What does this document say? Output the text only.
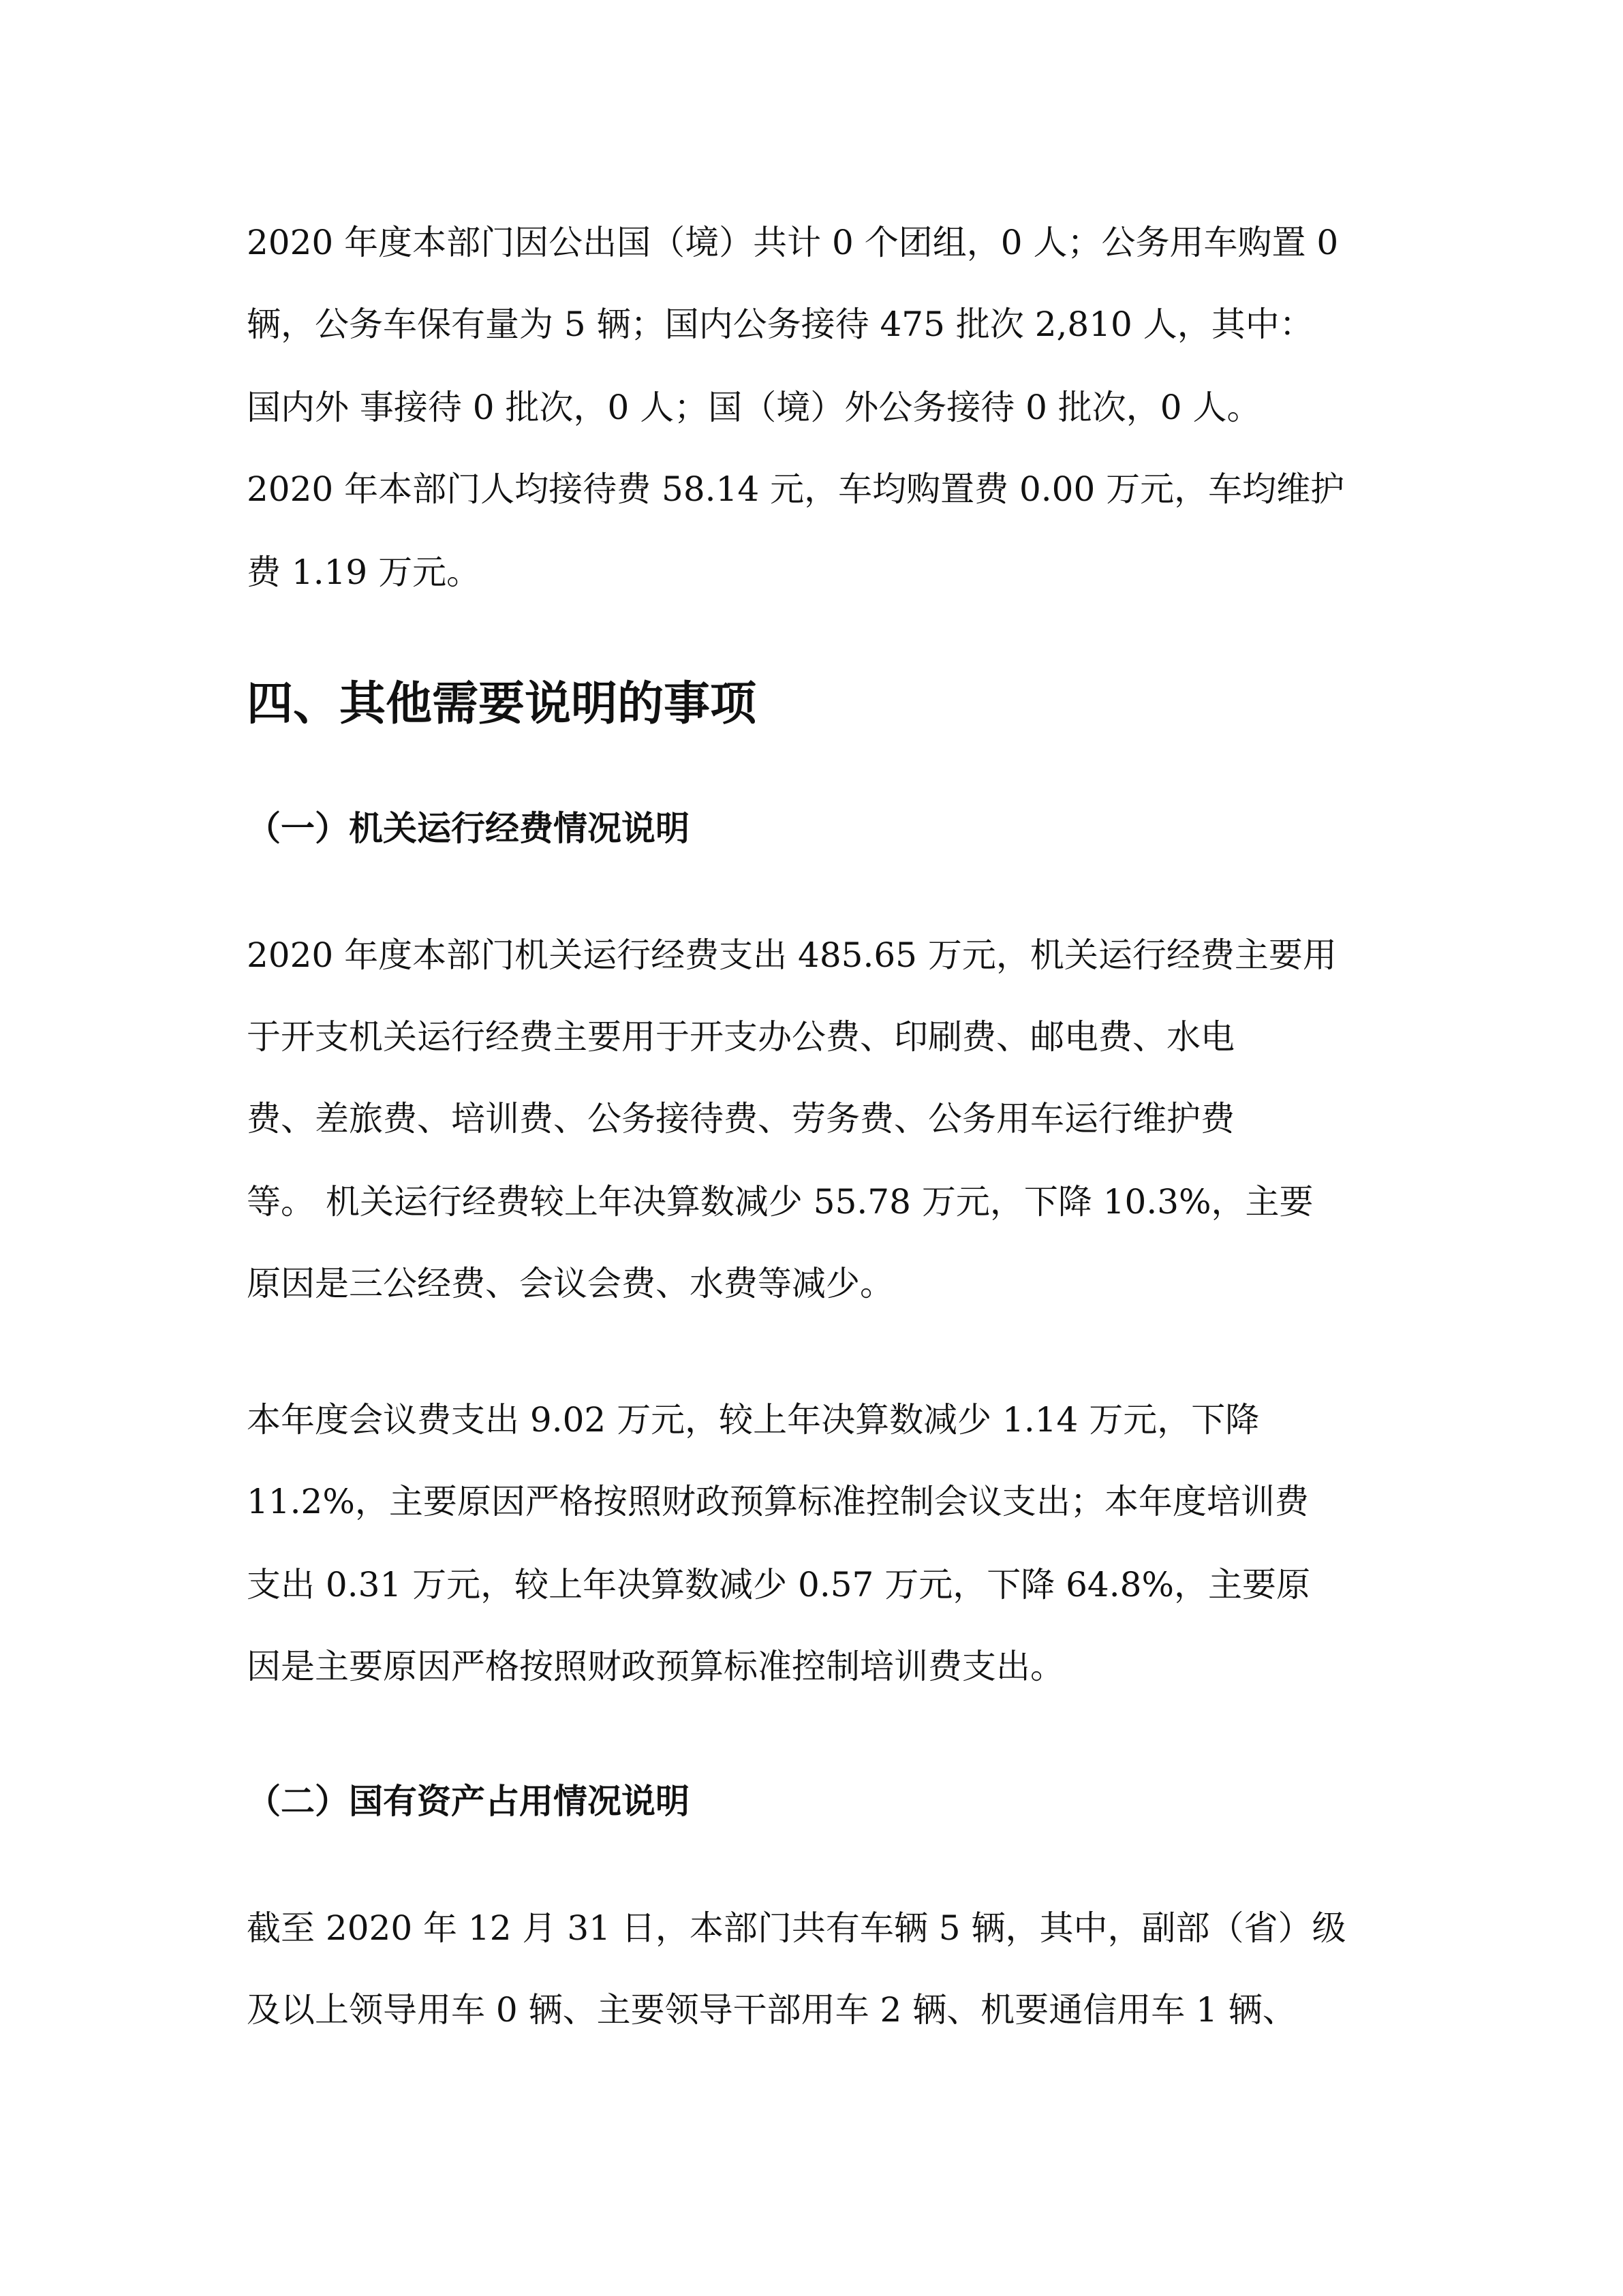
2020 年度本部门因公出国（境）共计 0 个团组，0 人；公务用车购置 0
辆，公务车保有量为 5 辆；国内公务接待 475 批次 2,810 人，其中：
国内外 事接待 0 批次，0 人；国（境）外公务接待 0 批次，0 人。
2020 年本部门人均接待费 58.14 元，车均购置费 0.00 万元，车均维护
费 1.19 万元。
四、其他需要说明的事项
（一）机关运行经费情况说明
2020 年度本部门机关运行经费支出 485.65 万元，机关运行经费主要用
于开支机关运行经费主要用于开支办公费、印刷费、邮电费、水电
费、差旅费、培训费、公务接待费、劳务费、公务用车运行维护费
等。 机关运行经费较上年决算数减少 55.78 万元，下降 10.3%，主要
原因是三公经费、会议会费、水费等减少。
本年度会议费支出 9.02 万元，较上年决算数减少 1.14 万元，下降
11.2%，主要原因严格按照财政预算标准控制会议支出；本年度培训费
支出 0.31 万元，较上年决算数减少 0.57 万元，下降 64.8%，主要原
因是主要原因严格按照财政预算标准控制培训费支出。
（二）国有资产占用情况说明
截至 2020 年 12 月 31 日，本部门共有车辆 5 辆，其中，副部（省）级
及以上领导用车 0 辆、主要领导干部用车 2 辆、机要通信用车 1 辆、
